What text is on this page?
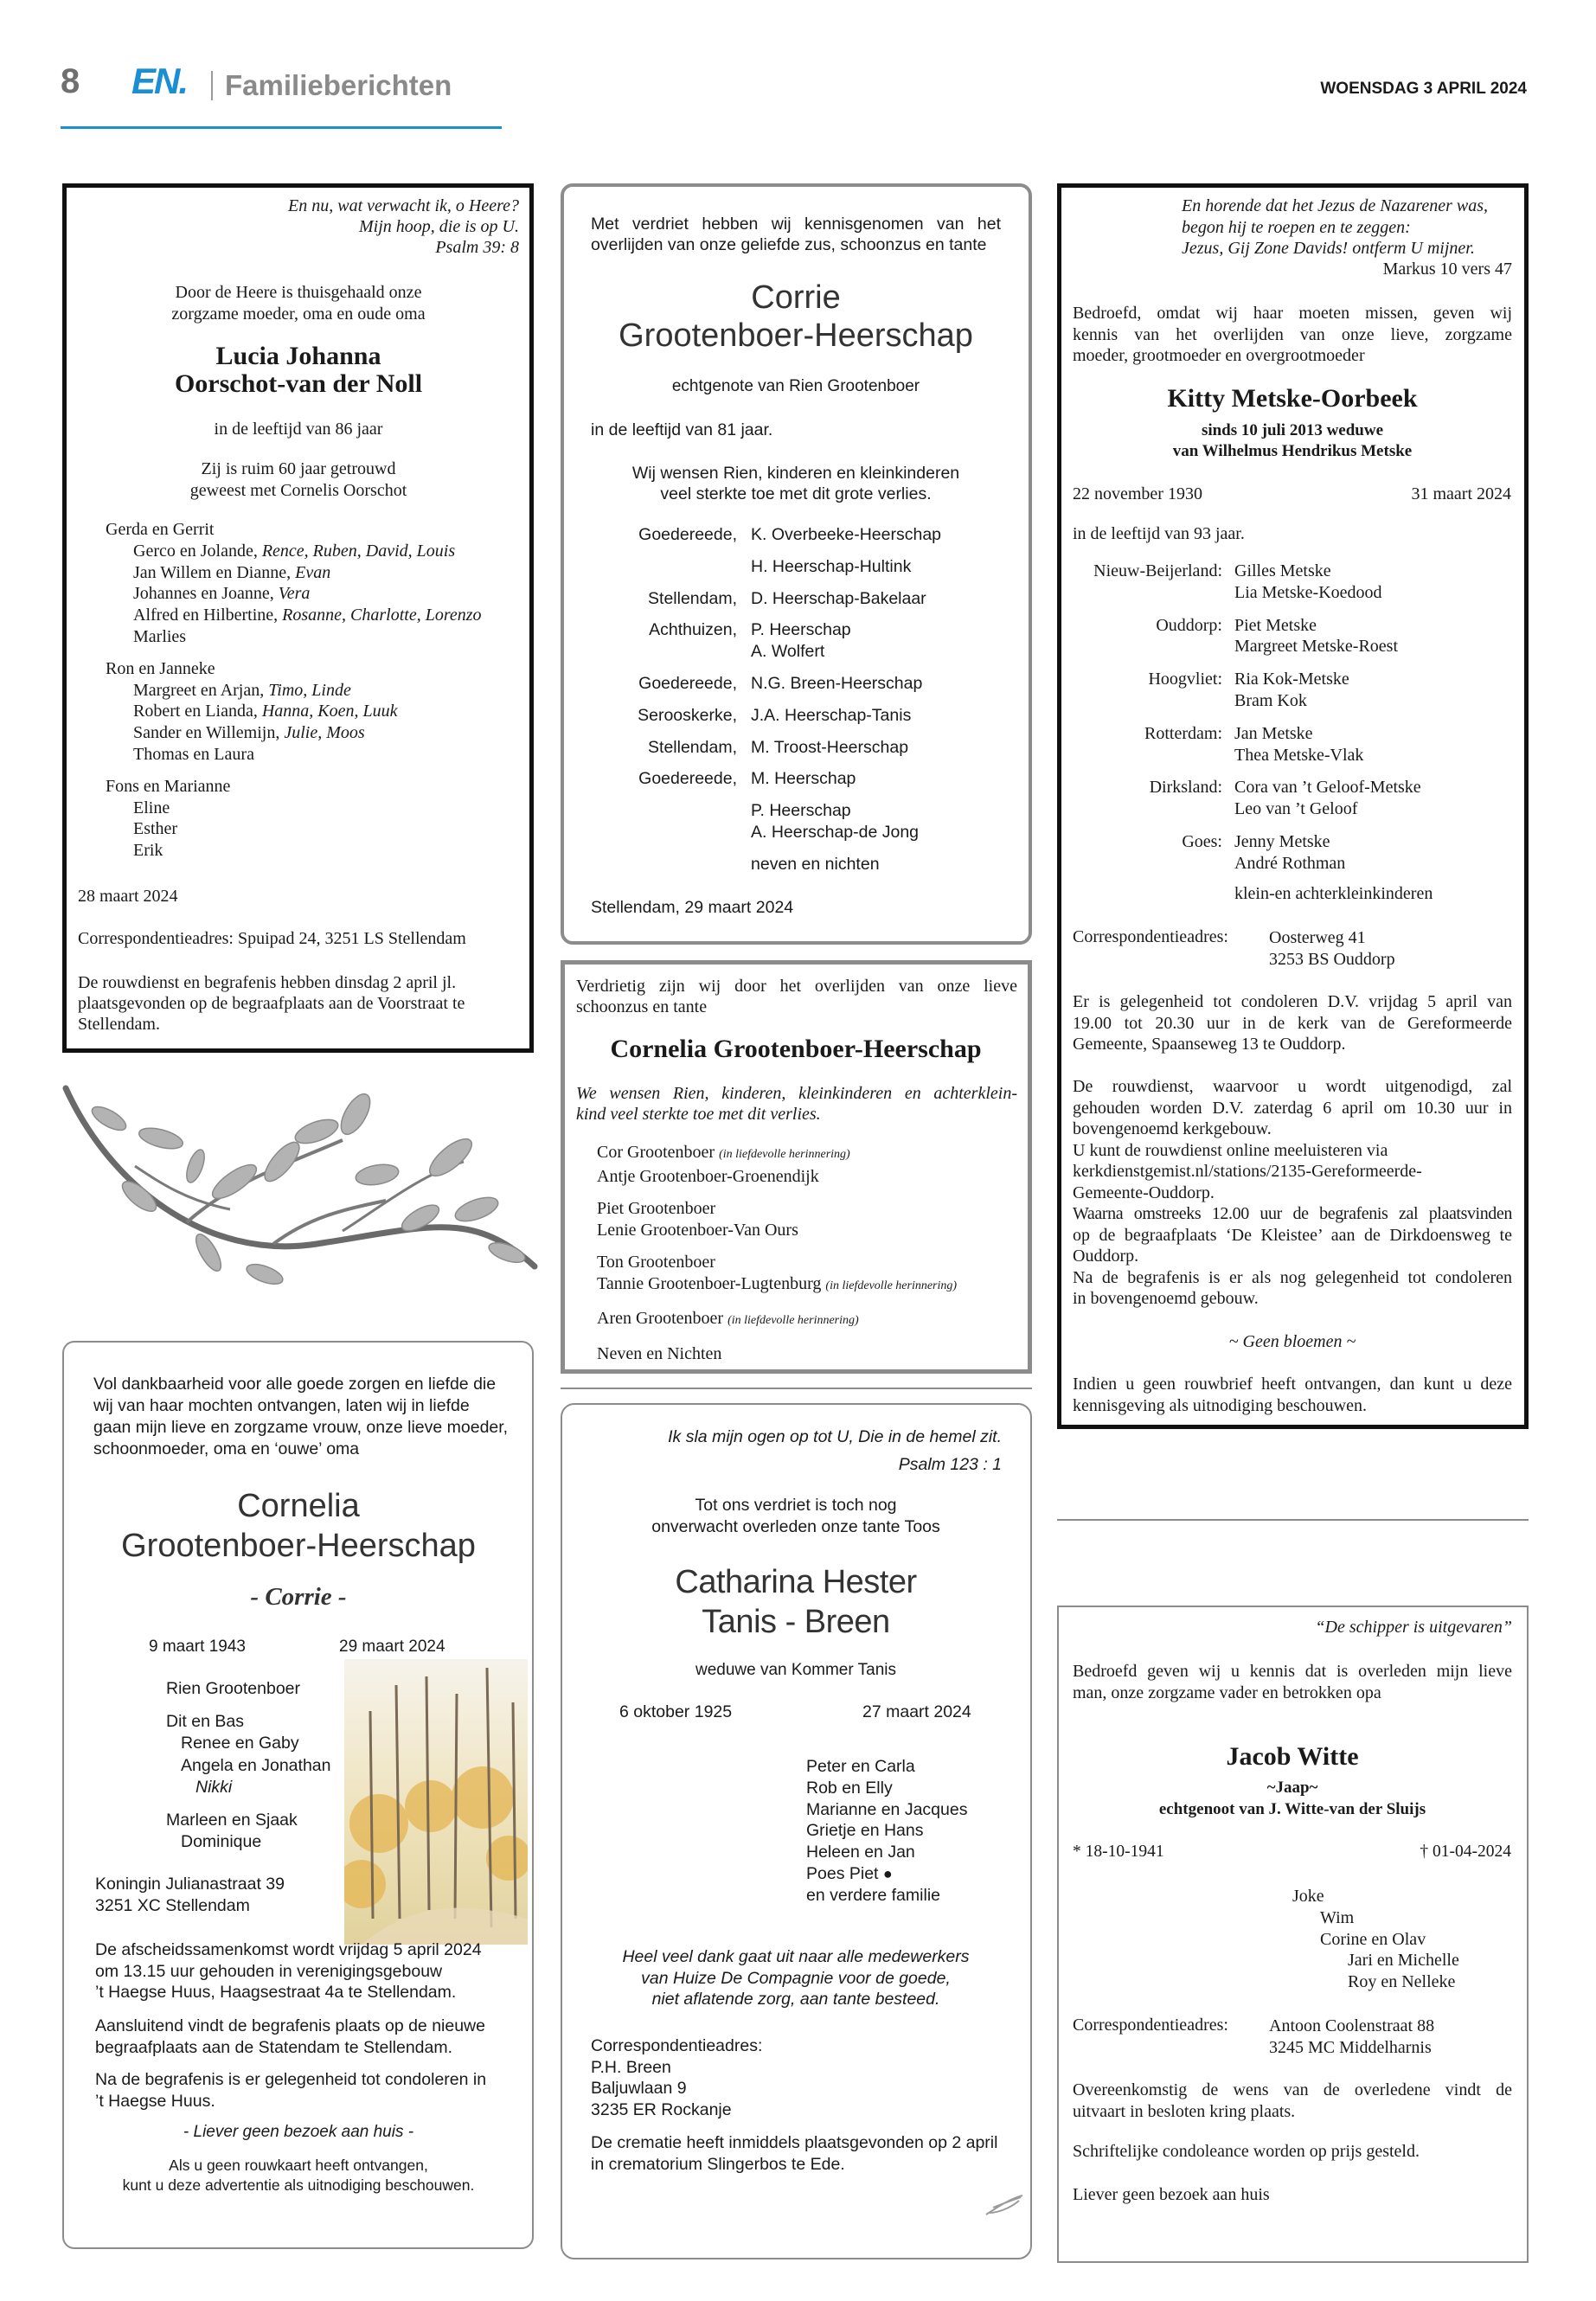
8 EN. Familieberichten	WOENSDAG 3 APRIL 2024
En nu, wat verwacht ik, o Heere?
Mijn hoop, die is op U.
Psalm 39: 8
Door de Heere is thuisgehaald onze
zorgzame moeder, oma en oude oma
Lucia Johanna
Oorschot-van der Noll
in de leeftijd van 86 jaar
Zij is ruim 60 jaar getrouwd
geweest met Cornelis Oorschot
Gerda en Gerrit
Gerco en Jolande, Rence, Ruben, David, Louis
Jan Willem en Dianne, Evan
Johannes en Joanne, Vera
Alfred en Hilbertine, Rosanne, Charlotte, Lorenzo
Marlies
Ron en Janneke
Margreet en Arjan, Timo, Linde
Robert en Lianda, Hanna, Koen, Luuk
Sander en Willemijn, Julie, Moos
Thomas en Laura
Fons en Marianne
Eline
Esther
Erik
28 maart 2024
Correspondentieadres: Spuipad 24, 3251 LS Stellendam
De rouwdienst en begrafenis hebben dinsdag 2 april jl.
plaatsgevonden op de begraafplaats aan de Voorstraat te
Stellendam.
Vol dankbaarheid voor alle goede zorgen en liefde die
wij van haar mochten ontvangen, laten wij in liefde
gaan mijn lieve en zorgzame vrouw, onze lieve moeder,
schoonmoeder, oma en ‘ouwe’ oma
Cornelia
Grootenboer-Heerschap
- Corrie -
9 maart 1943	29 maart 2024
Rien Grootenboer
Dit en Bas
Renee en Gaby
Angela en Jonathan
Nikki
Marleen en Sjaak
Dominique
Koningin Julianastraat 39
3251 XC Stellendam
De afscheidssamenkomst wordt vrijdag 5 april 2024
om 13.15 uur gehouden in verenigingsgebouw
’t Haegse Huus, Haagsestraat 4a te Stellendam.
Aansluitend vindt de begrafenis plaats op de nieuwe
begraafplaats aan de Statendam te Stellendam.
Na de begrafenis is er gelegenheid tot condoleren in
’t Haegse Huus.
- Liever geen bezoek aan huis -
Als u geen rouwkaart heeft ontvangen,
kunt u deze advertentie als uitnodiging beschouwen.
Met verdriet hebben wij kennisgenomen van het
overlijden van onze geliefde zus, schoonzus en tante
Corrie
Grootenboer-Heerschap
echtgenote van Rien Grootenboer
in de leeftijd van 81 jaar.
Wij wensen Rien, kinderen en kleinkinderen
veel sterkte toe met dit grote verlies.
Goedereede, K. Overbeeke-Heerschap
H. Heerschap-Hultink
Stellendam, D. Heerschap-Bakelaar
Achthuizen, P. Heerschap
A. Wolfert
Goedereede, N.G. Breen-Heerschap
Serooskerke, J.A. Heerschap-Tanis
Stellendam, M. Troost-Heerschap
Goedereede, M. Heerschap
P. Heerschap
A. Heerschap-de Jong
neven en nichten
Stellendam, 29 maart 2024
Verdrietig zijn wij door het overlijden van onze lieve
schoonzus en tante
Cornelia Grootenboer-Heerschap
We wensen Rien, kinderen, kleinkinderen en achterklein-
kind veel sterkte toe met dit verlies.
Cor Grootenboer (in liefdevolle herinnering)
Antje Grootenboer-Groenendijk
Piet Grootenboer
Lenie Grootenboer-Van Ours
Ton Grootenboer
Tannie Grootenboer-Lugtenburg (in liefdevolle herinnering)
Aren Grootenboer (in liefdevolle herinnering)
Neven en Nichten
Ik sla mijn ogen op tot U, Die in de hemel zit.
Psalm 123 : 1
Tot ons verdriet is toch nog
onverwacht overleden onze tante Toos
Catharina Hester
Tanis - Breen
weduwe van Kommer Tanis
6 oktober 1925	27 maart 2024
Peter en Carla
Rob en Elly
Marianne en Jacques
Grietje en Hans
Heleen en Jan
Poes Piet ●
en verdere familie
Heel veel dank gaat uit naar alle medewerkers
van Huize De Compagnie voor de goede,
niet aflatende zorg, aan tante besteed.
Correspondentieadres:
P.H. Breen
Baljuwlaan 9
3235 ER Rockanje
De crematie heeft inmiddels plaatsgevonden op 2 april
in crematorium Slingerbos te Ede.
En horende dat het Jezus de Nazarener was,
begon hij te roepen en te zeggen:
Jezus, Gij Zone Davids! ontferm U mijner.
Markus 10 vers 47
Bedroefd, omdat wij haar moeten missen, geven wij
kennis van het overlijden van onze lieve, zorgzame
moeder, grootmoeder en overgrootmoeder
Kitty Metske-Oorbeek
sinds 10 juli 2013 weduwe
van Wilhelmus Hendrikus Metske
22 november 1930	31 maart 2024
in de leeftijd van 93 jaar.
Nieuw-Beijerland: Gilles Metske
Lia Metske-Koedood
Ouddorp: Piet Metske
Margreet Metske-Roest
Hoogvliet: Ria Kok-Metske
Bram Kok
Rotterdam: Jan Metske
Thea Metske-Vlak
Dirksland: Cora van ’t Geloof-Metske
Leo van ’t Geloof
Goes: Jenny Metske
André Rothman
klein-en achterkleinkinderen
Correspondentieadres: Oosterweg 41
3253 BS Ouddorp
Er is gelegenheid tot condoleren D.V. vrijdag 5 april van
19.00 tot 20.30 uur in de kerk van de Gereformeerde
Gemeente, Spaanseweg 13 te Ouddorp.
De rouwdienst, waarvoor u wordt uitgenodigd, zal
gehouden worden D.V. zaterdag 6 april om 10.30 uur in
bovengenoemd kerkgebouw.
U kunt de rouwdienst online meeluisteren via
kerkdienstgemist.nl/stations/2135-Gereformeerde-
Gemeente-Ouddorp.
Waarna omstreeks 12.00 uur de begrafenis zal plaatsvinden
op de begraafplaats ‘De Kleistee’ aan de Dirkdoensweg te
Ouddorp.
Na de begrafenis is er als nog gelegenheid tot condoleren
in bovengenoemd gebouw.
~ Geen bloemen ~
Indien u geen rouwbrief heeft ontvangen, dan kunt u deze
kennisgeving als uitnodiging beschouwen.
“De schipper is uitgevaren”
Bedroefd geven wij u kennis dat is overleden mijn lieve
man, onze zorgzame vader en betrokken opa
Jacob Witte
~Jaap~
echtgenoot van J. Witte-van der Sluijs
* 18-10-1941	† 01-04-2024
Joke
Wim
Corine en Olav
Jari en Michelle
Roy en Nelleke
Correspondentieadres: Antoon Coolenstraat 88
3245 MC Middelharnis
Overeenkomstig de wens van de overledene vindt de
uitvaart in besloten kring plaats.
Schriftelijke condoleance worden op prijs gesteld.
Liever geen bezoek aan huis
